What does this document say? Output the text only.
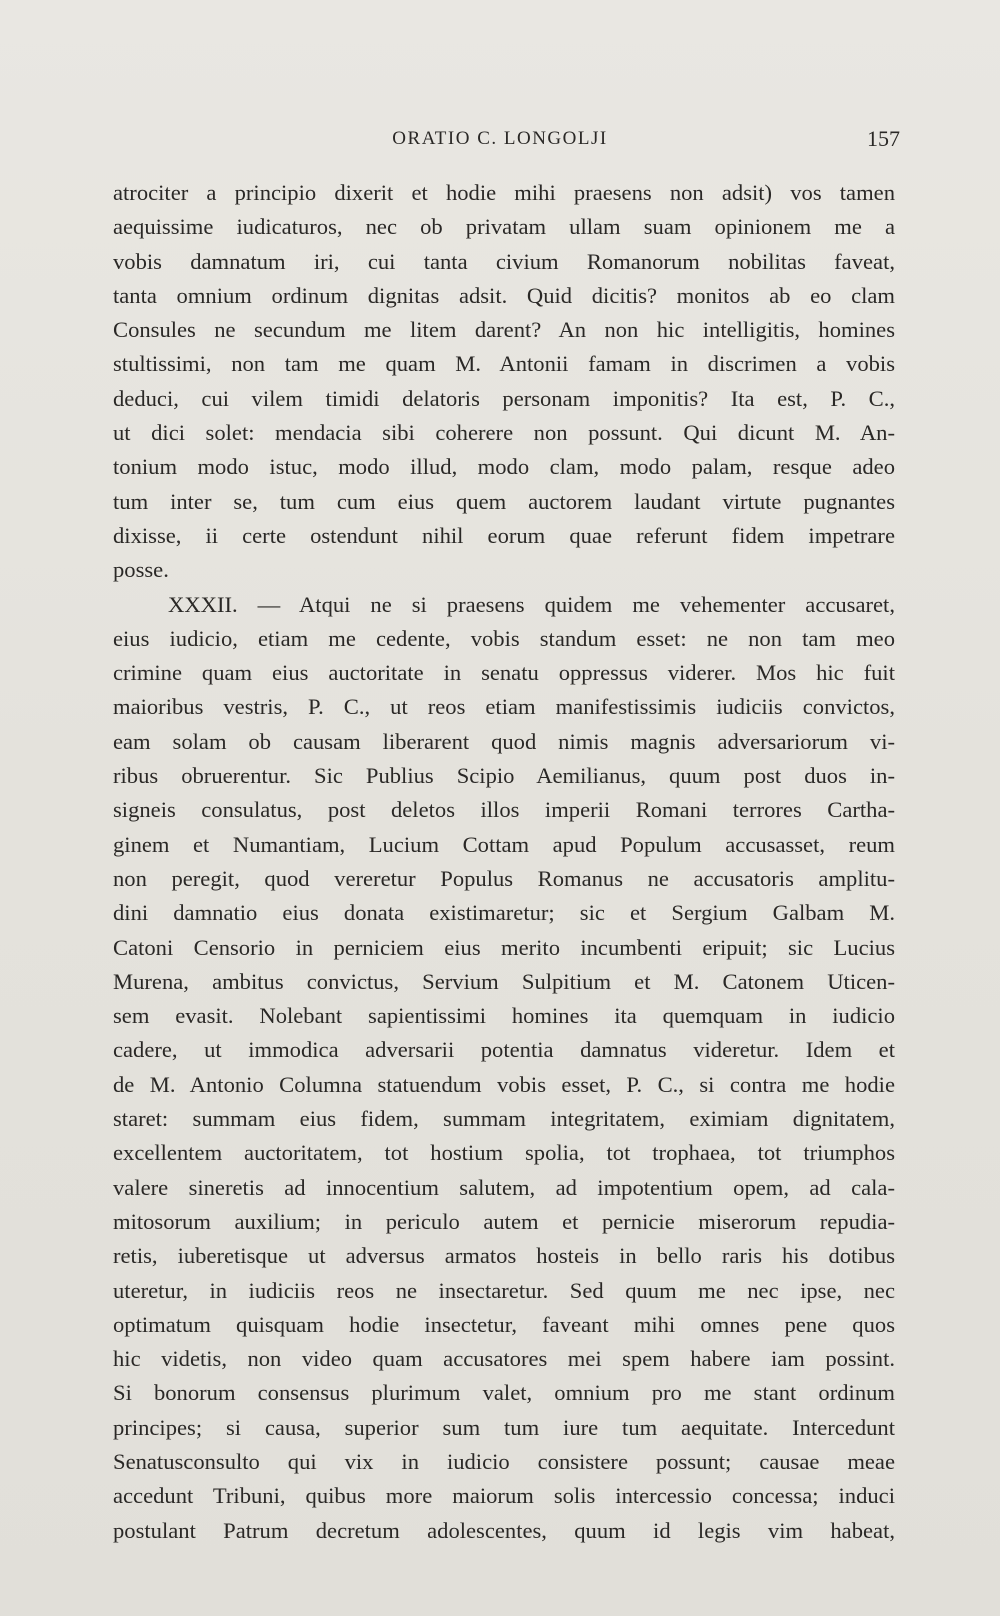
ORATIO C. LONGOLJI	157
atrociter a principio dixerit et hodie mihi praesens non adsit) vos tamen
aequissime iudicaturos, nec ob privatam ullam suam opinionem me a
vobis damnatum iri, cui tanta civium Romanorum nobilitas faveat,
tanta omnium ordinum dignitas adsit. Quid dicitis? monitos ab eo clam
Consules ne secundum me litem darent? An non hic intelligitis, homines
stultissimi, non tam me quam M. Antonii famam in discrimen a vobis
deduci, cui vilem timidi delatoris personam imponitis? Ita est, P. C.,
ut dici solet: mendacia sibi coherere non possunt. Qui dicunt M. An-
tonium modo istuc, modo illud, modo clam, modo palam, resque adeo
tum inter se, tum cum eius quem auctorem laudant virtute pugnantes
dixisse, ii certe ostendunt nihil eorum quae referunt fidem impetrare
posse.
XXXII. — Atqui ne si praesens quidem me vehementer accusaret,
eius iudicio, etiam me cedente, vobis standum esset: ne non tam meo
crimine quam eius auctoritate in senatu oppressus viderer. Mos hic fuit
maioribus vestris, P. C., ut reos etiam manifestissimis iudiciis convictos,
eam solam ob causam liberarent quod nimis magnis adversariorum vi-
ribus obruerentur. Sic Publius Scipio Aemilianus, quum post duos in-
signeis consulatus, post deletos illos imperii Romani terrores Cartha-
ginem et Numantiam, Lucium Cottam apud Populum accusasset, reum
non peregit, quod vereretur Populus Romanus ne accusatoris amplitu-
dini damnatio eius donata existimaretur; sic et Sergium Galbam M.
Catoni Censorio in perniciem eius merito incumbenti eripuit; sic Lucius
Murena, ambitus convictus, Servium Sulpitium et M. Catonem Uticen-
sem evasit. Nolebant sapientissimi homines ita quemquam in iudicio
cadere, ut immodica adversarii potentia damnatus videretur. Idem et
de M. Antonio Columna statuendum vobis esset, P. C., si contra me hodie
staret: summam eius fidem, summam integritatem, eximiam dignitatem,
excellentem auctoritatem, tot hostium spolia, tot trophaea, tot triumphos
valere sineretis ad innocentium salutem, ad impotentium opem, ad cala-
mitosorum auxilium; in periculo autem et pernicie miserorum repudia-
retis, iuberetisque ut adversus armatos hosteis in bello raris his dotibus
uteretur, in iudiciis reos ne insectaretur. Sed quum me nec ipse, nec
optimatum quisquam hodie insectetur, faveant mihi omnes pene quos
hic videtis, non video quam accusatores mei spem habere iam possint.
Si bonorum consensus plurimum valet, omnium pro me stant ordinum
principes; si causa, superior sum tum iure tum aequitate. Intercedunt
Senatusconsulto qui vix in iudicio consistere possunt; causae meae
accedunt Tribuni, quibus more maiorum solis intercessio concessa; induci
postulant Patrum decretum adolescentes, quum id legis vim habeat,
